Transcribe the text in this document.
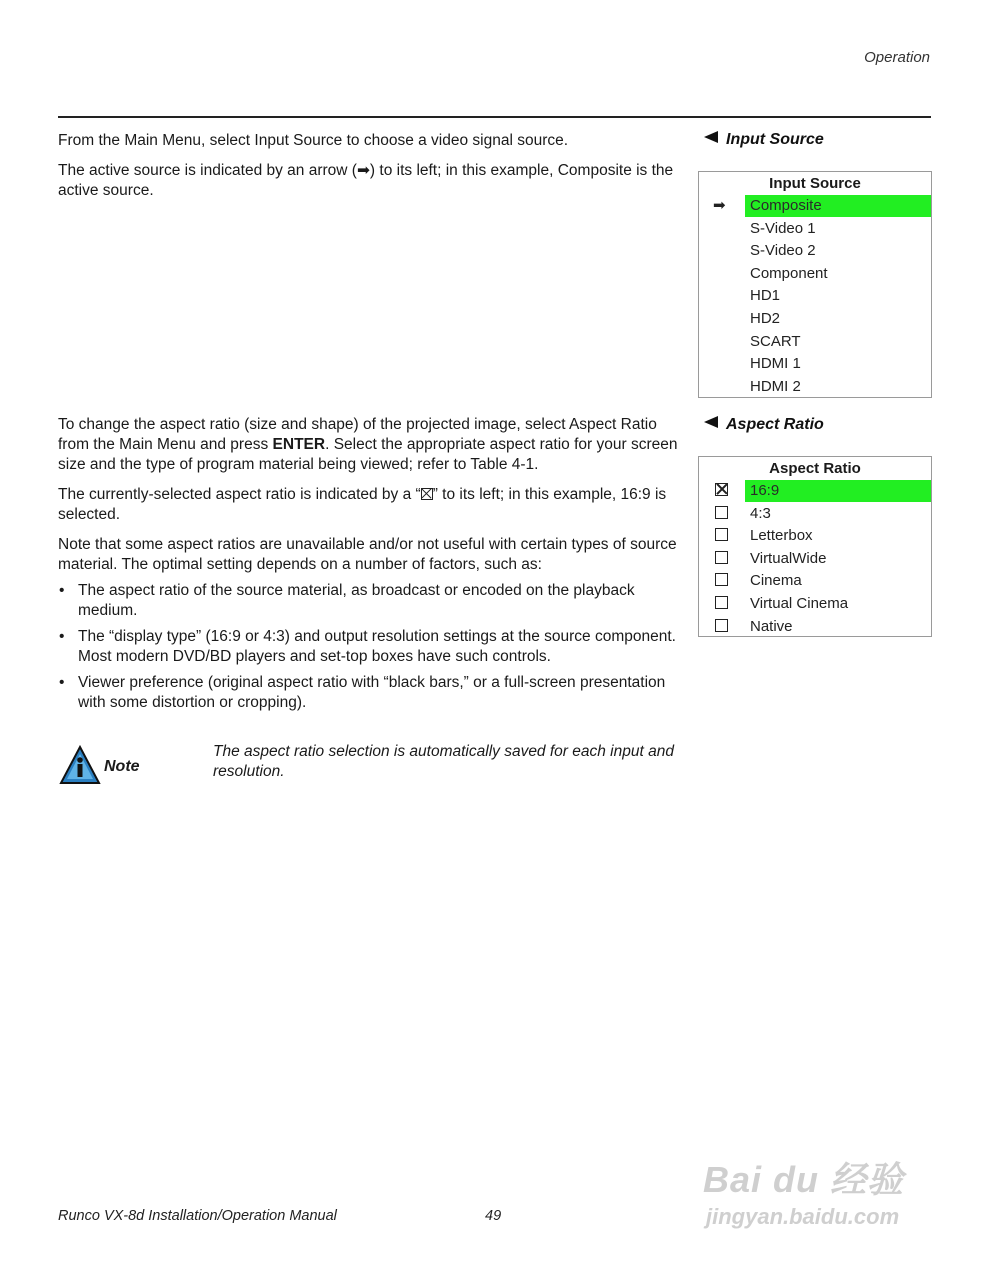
Operation

From the Main Menu, select Input Source to choose a video signal source.

The active source is indicated by an arrow (➡) to its left; in this example, Composite is the active source.

Input Source
Input Source
➡	Composite
S-Video 1
S-Video 2
Component
HD1
HD2
SCART
HDMI 1
HDMI 2

To change the aspect ratio (size and shape) of the projected image, select Aspect Ratio from the Main Menu and press ENTER. Select the appropriate aspect ratio for your screen size and the type of program material being viewed; refer to Table 4-1.

The currently-selected aspect ratio is indicated by a “ ” to its left; in this example, 16:9 is selected.

Note that some aspect ratios are unavailable and/or not useful with certain types of source material. The optimal setting depends on a number of factors, such as:

• The aspect ratio of the source material, as broadcast or encoded on the playback medium.
• The “display type” (16:9 or 4:3) and output resolution settings at the source component. Most modern DVD/BD players and set-top boxes have such controls.
• Viewer preference (original aspect ratio with “black bars,” or a full-screen presentation with some distortion or cropping).
Aspect Ratio
Aspect Ratio
16:9
4:3
Letterbox
VirtualWide
Cinema
Virtual Cinema
Native
Note
The aspect ratio selection is automatically saved for each input and resolution.
Runco VX-8d Installation/Operation Manual	49
Bai du 经验
jingyan.baidu.com
